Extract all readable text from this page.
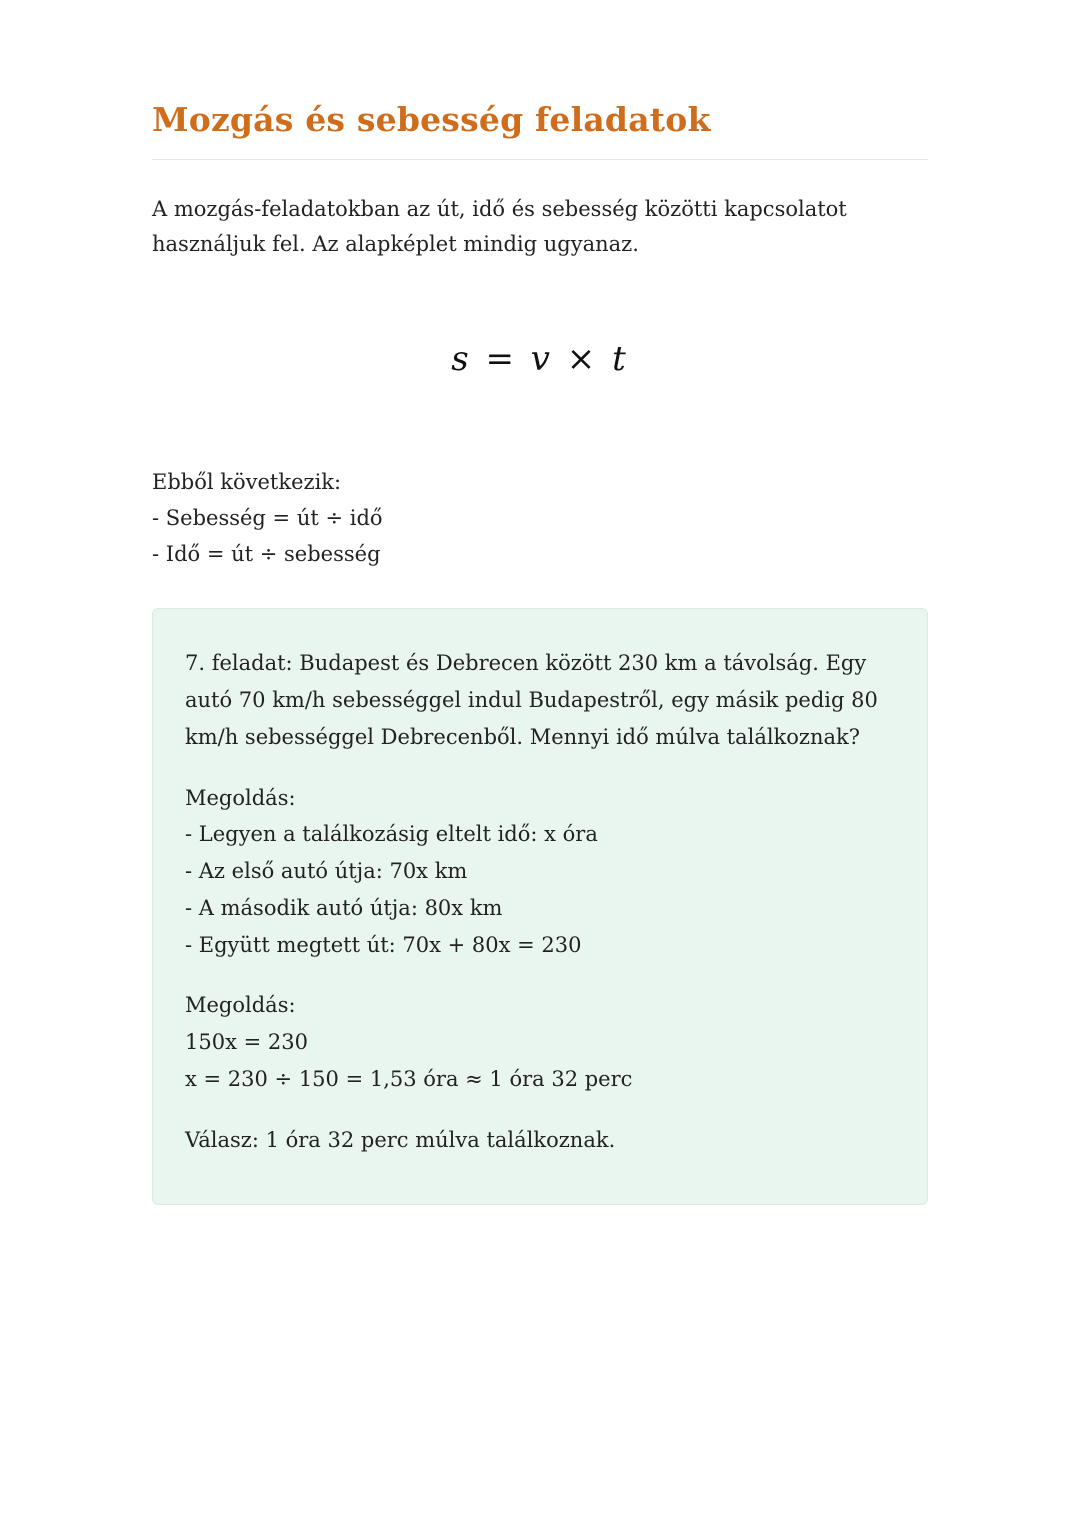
Mozgás és sebesség feladatok

A mozgás-feladatokban az út, idő és sebesség közötti kapcsolatot használjuk fel. Az alapképlet mindig ugyanaz.

s = v × t

Ebből következik:

- Sebesség = út ÷ idő

- Idő = út ÷ sebesség

7. feladat: Budapest és Debrecen között 230 km a távolság. Egy autó 70 km/h sebességgel indul Budapestről, egy másik pedig 80 km/h sebességgel Debrecenből. Mennyi idő múlva találkoznak?

Megoldás:

- Legyen a találkozásig eltelt idő: x óra

- Az első autó útja: 70x km

- A második autó útja: 80x km

- Együtt megtett út: 70x + 80x = 230

Megoldás:

150x = 230

x = 230 ÷ 150 = 1,53 óra ≈ 1 óra 32 perc

Válasz: 1 óra 32 perc múlva találkoznak.
